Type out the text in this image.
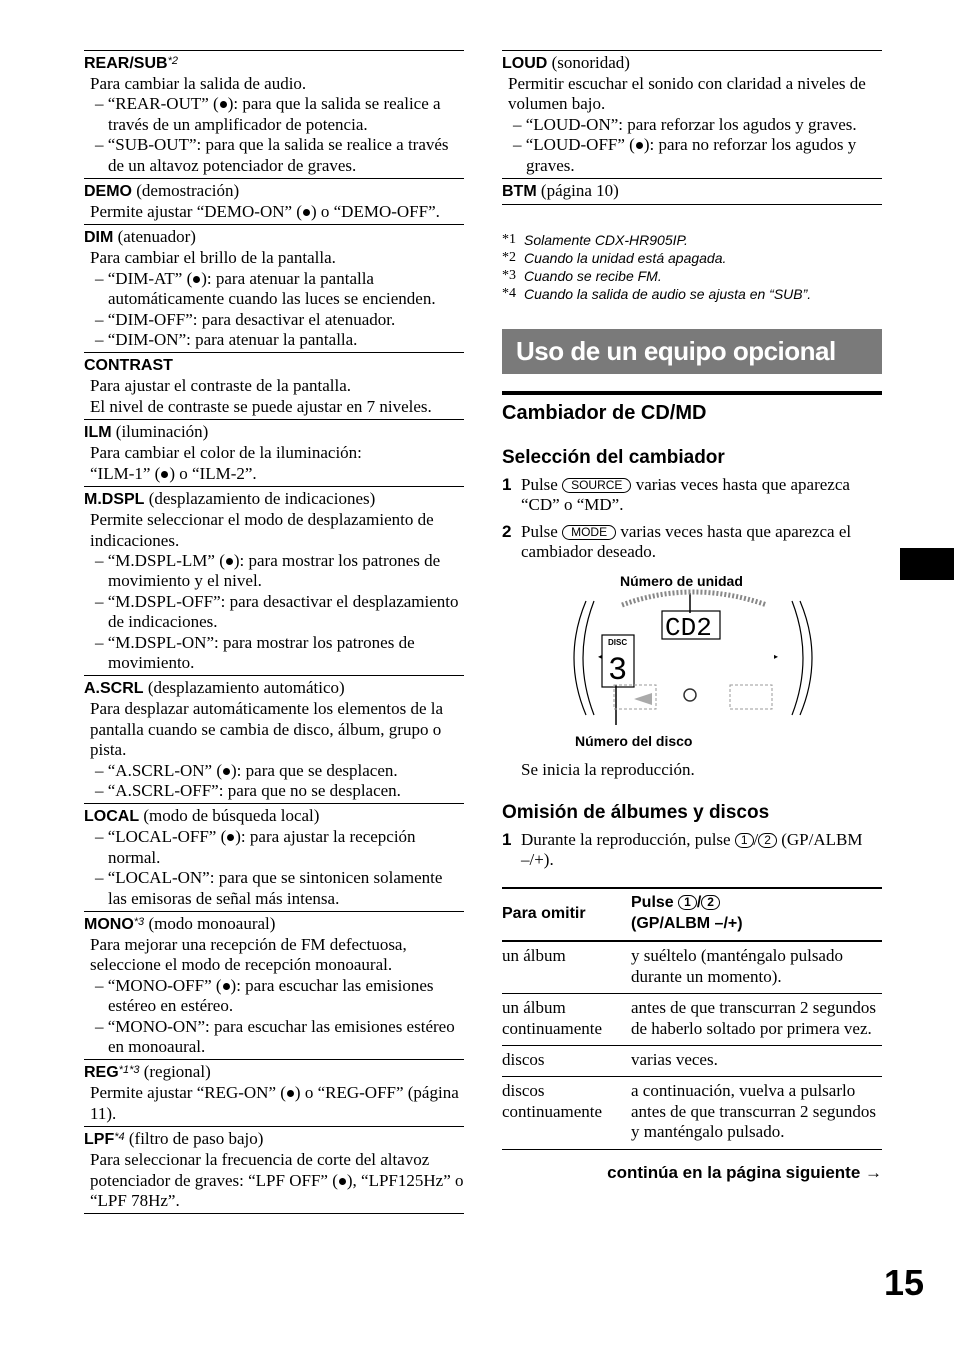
REAR/SUB$^{*2}$
Para cambiar la salida de audio.
– “REAR-OUT” ( ): para que la salida se realice a través de un amplificador de potencia.
– “SUB-OUT”: para que la salida se realice a través de un altavoz potenciador de graves.
DEMO (demostración)
Permite ajustar “DEMO-ON” ( ) o “DEMO-OFF”.
DIM (atenuador)
Para cambiar el brillo de la pantalla.
– “DIM-AT” ( ): para atenuar la pantalla automáticamente cuando las luces se encienden.
– “DIM-OFF”: para desactivar el atenuador.
– “DIM-ON”: para atenuar la pantalla.
CONTRAST
Para ajustar el contraste de la pantalla.
El nivel de contraste se puede ajustar en 7 niveles.
ILM (iluminación)
Para cambiar el color de la iluminación:
“ILM-1” ( ) o “ILM-2”.
M.DSPL (desplazamiento de indicaciones)
Permite seleccionar el modo de desplazamiento de indicaciones.
– “M.DSPL-LM” ( ): para mostrar los patrones de movimiento y el nivel.
– “M.DSPL-OFF”: para desactivar el desplazamiento de indicaciones.
– “M.DSPL-ON”: para mostrar los patrones de movimiento.
A.SCRL (desplazamiento automático)
Para desplazar automáticamente los elementos de la pantalla cuando se cambia de disco, álbum, grupo o pista.
– “A.SCRL-ON” ( ): para que se desplacen.
– “A.SCRL-OFF”: para que no se desplacen.
LOCAL (modo de búsqueda local)
– “LOCAL-OFF” ( ): para ajustar la recepción normal.
– “LOCAL-ON”: para que se sintonicen solamente las emisoras de señal más intensa.
MONO$^{*3}$ (modo monoaural)
Para mejorar una recepción de FM defectuosa, seleccione el modo de recepción monoaural.
– “MONO-OFF” ( ): para escuchar las emisiones estéreo en estéreo.
– “MONO-ON”: para escuchar las emisiones estéreo en monoaural.
$REG^{*1*3}$ (regional)
Permite ajustar “REG-ON” ( ) o “REG-OFF” (página 11).
LPF$^{*4}$ (filtro de paso bajo)
Para seleccionar la frecuencia de corte del altavoz potenciador de graves: “LPF OFF” ( ), “LPF125Hz” o “LPF 78Hz”.
LOUD (sonoridad)
Permitir escuchar el sonido con claridad a niveles de volumen bajo.
– “LOUD-ON”: para reforzar los agudos y graves.
– “LOUD-OFF” ( ): para no reforzar los agudos y graves.
BTM (página 10)
*1 Solamente CDX-HR905IP.
*2 Cuando la unidad está apagada.
*3 Cuando se recibe FM.
*4 Cuando la salida de audio se ajusta en “SUB”.
Uso de un equipo opcional
Cambiador de CD/MD
Selección del cambiador
1 Pulse SOURCE varias veces hasta que aparezca “CD” o “MD”.
2 Pulse MODE varias veces hasta que aparezca el cambiador deseado.
Número de unidad
▸
◂
CD2
DISC
3
Número del disco
Se inicia la reproducción.
Omisión de álbumes y discos
1 Durante la reproducción, pulse 1 / 2 (GP/ALBM –/+).
Para omitir	Pulse 1 / 2
(GP/ALBM –/+)
un álbum	y suéltelo (manténgalo pulsado durante un momento).
un álbum continuamente	antes de que transcurran 2 segundos de haberlo soltado por primera vez.
discos	varias veces.
discos continuamente	a continuación, vuelva a pulsarlo antes de que transcurran 2 segundos y manténgalo pulsado.
continúa en la página siguiente →
15
